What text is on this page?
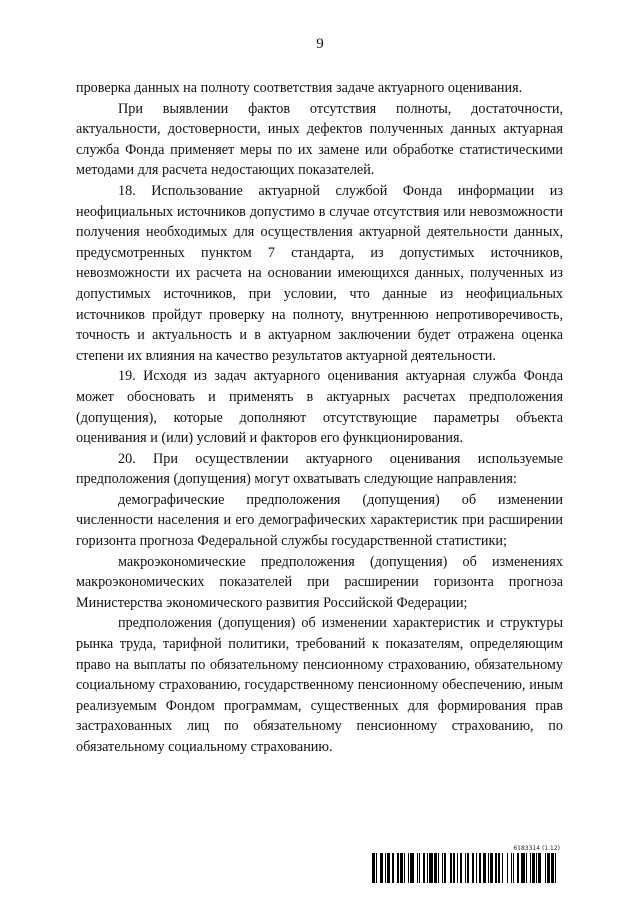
9

проверка данных на полноту соответствия задаче актуарного оценивания.

При выявлении фактов отсутствия полноты, достаточности, актуальности, достоверности, иных дефектов полученных данных актуарная служба Фонда применяет меры по их замене или обработке статистическими методами для расчета недостающих показателей.

18. Использование актуарной службой Фонда информации из неофициальных источников допустимо в случае отсутствия или невозможности получения необходимых для осуществления актуарной деятельности данных, предусмотренных пунктом 7 стандарта, из допустимых источников, невозможности их расчета на основании имеющихся данных, полученных из допустимых источников, при условии, что данные из неофициальных источников пройдут проверку на полноту, внутреннюю непротиворечивость, точность и актуальность и в актуарном заключении будет отражена оценка степени их влияния на качество результатов актуарной деятельности.

19. Исходя из задач актуарного оценивания актуарная служба Фонда может обосновать и применять в актуарных расчетах предположения (допущения), которые дополняют отсутствующие параметры объекта оценивания и (или) условий и факторов его функционирования.

20. При осуществлении актуарного оценивания используемые предположения (допущения) могут охватывать следующие направления:

демографические предположения (допущения) об изменении численности населения и его демографических характеристик при расширении горизонта прогноза Федеральной службы государственной статистики;

макроэкономические предположения (допущения) об изменениях макроэкономических показателей при расширении горизонта прогноза Министерства экономического развития Российской Федерации;

предположения (допущения) об изменении характеристик и структуры рынка труда, тарифной политики, требований к показателям, определяющим право на выплаты по обязательному пенсионному страхованию, обязательному социальному страхованию, государственному пенсионному обеспечению, иным реализуемым Фондом программам, существенных для формирования прав застрахованных лиц по обязательному пенсионному страхованию, по обязательному социальному страхованию.

6183314 (1.12)
